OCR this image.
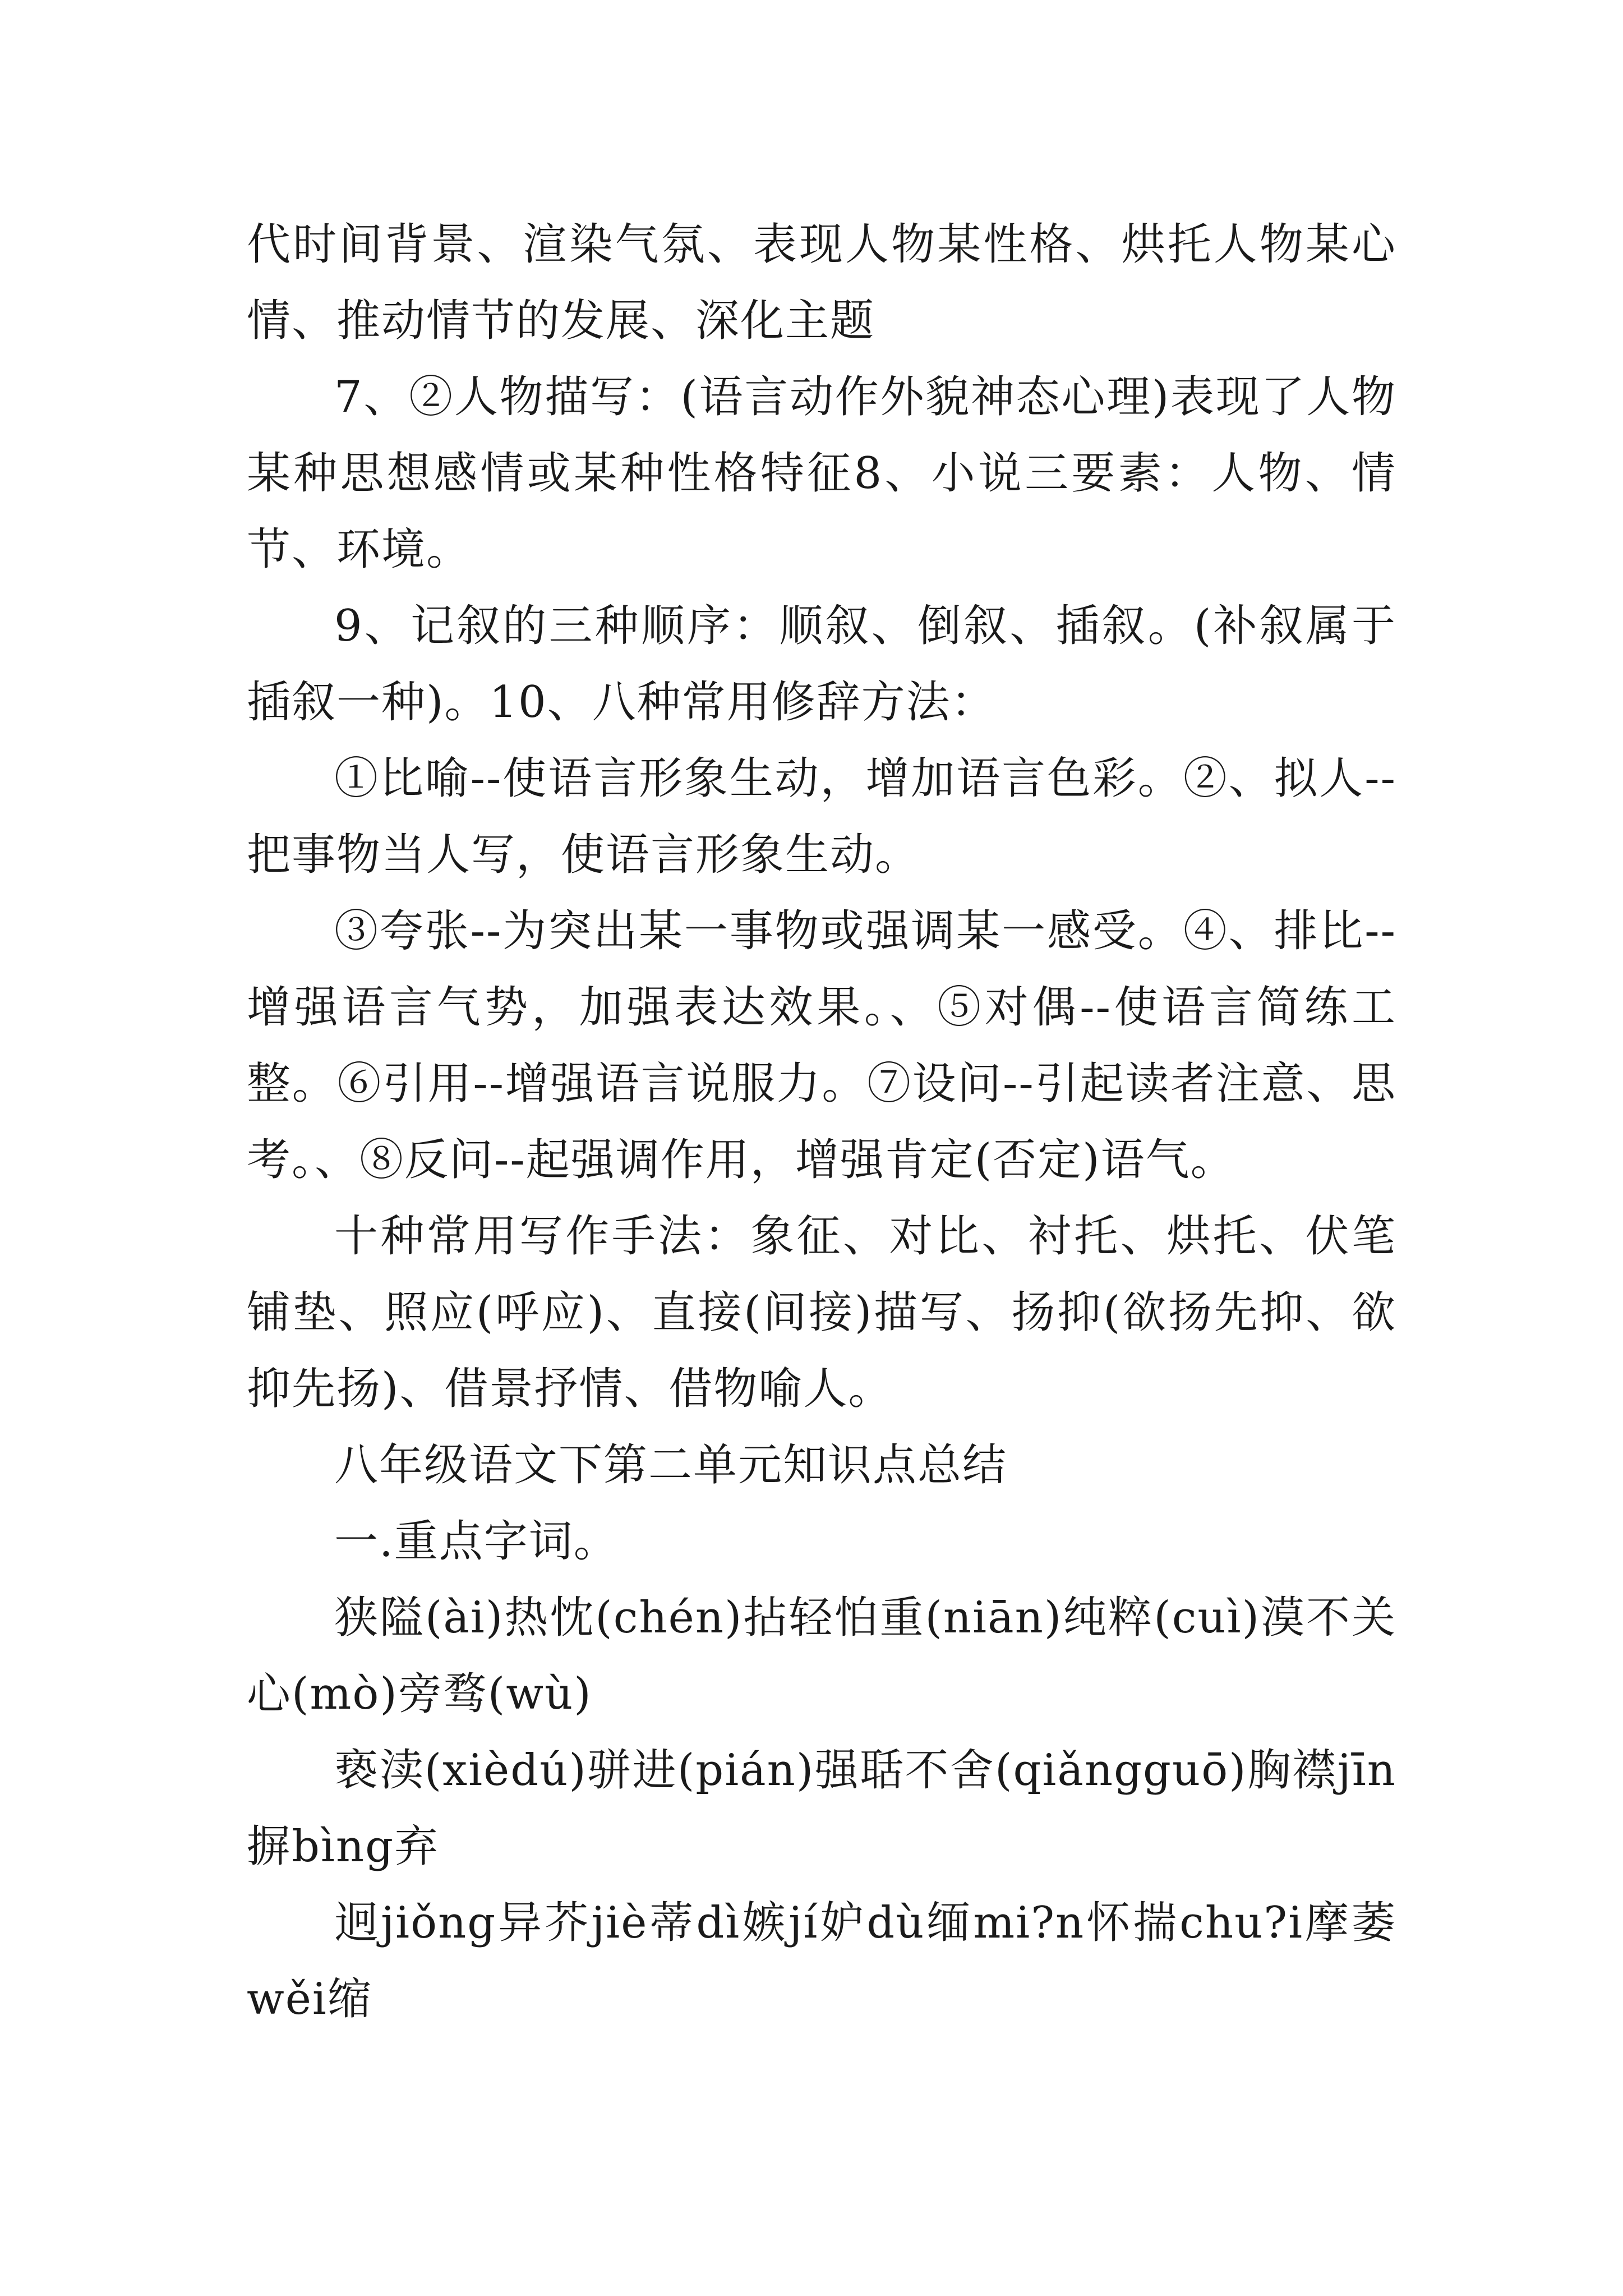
代时间背景、渲染气氛、表现人物某性格、烘托人物某心情、推动情节的发展、深化主题

7、②人物描写：(语言动作外貌神态心理)表现了人物某种思想感情或某种性格特征8、小说三要素：人物、情节、环境。

9、记叙的三种顺序：顺叙、倒叙、插叙。(补叙属于插叙一种)。10、八种常用修辞方法：

①比喻--使语言形象生动，增加语言色彩。②、拟人--把事物当人写，使语言形象生动。

③夸张--为突出某一事物或强调某一感受。④、排比--增强语言气势，加强表达效果。、⑤对偶--使语言简练工整。⑥引用--增强语言说服力。⑦设问--引起读者注意、思考。、⑧反问--起强调作用，增强肯定(否定)语气。

十种常用写作手法：象征、对比、衬托、烘托、伏笔铺垫、照应(呼应)、直接(间接)描写、扬抑(欲扬先抑、欲抑先扬)、借景抒情、借物喻人。

八年级语文下第二单元知识点总结

一.重点字词。

狭隘(ài)热忱(chén)拈轻怕重(niān)纯粹(cuì)漠不关心(mò)旁骛(wù)

亵渎(xièdú)骈进(pián)强聒不舍(qiǎngguō)胸襟jīn摒bìng弃

迥jiǒng异芥jiè蒂dì嫉jí妒dù缅mi?n怀揣chu?i摩萎wěi缩
